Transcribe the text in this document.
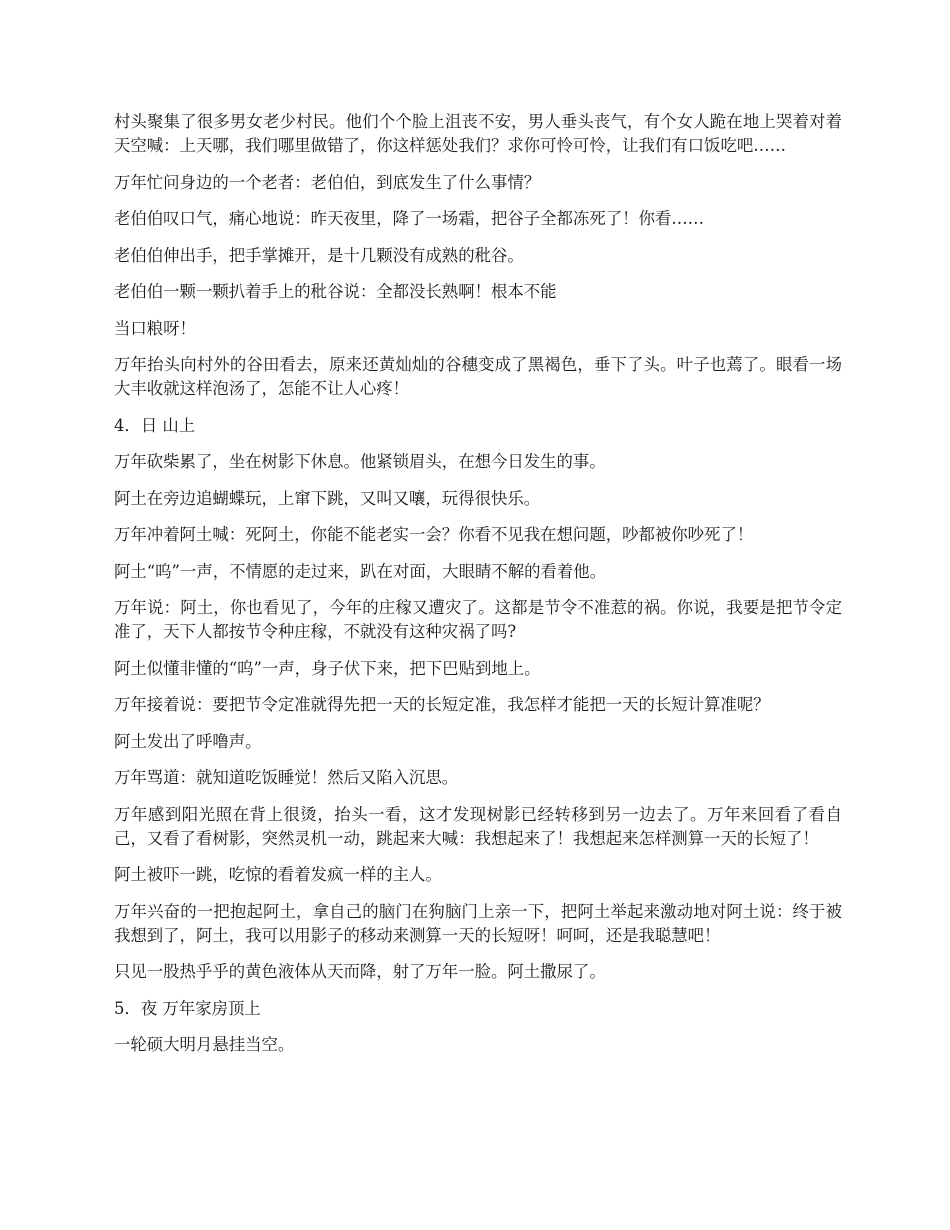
村头聚集了很多男女老少村民。他们个个脸上沮丧不安，男人垂头丧气，有个女人跪在地上哭着对着天空喊：上天哪，我们哪里做错了，你这样惩处我们？求你可怜可怜，让我们有口饭吃吧……

万年忙问身边的一个老者：老伯伯，到底发生了什么事情？

老伯伯叹口气，痛心地说：昨天夜里，降了一场霜，把谷子全都冻死了！你看……

老伯伯伸出手，把手掌摊开，是十几颗没有成熟的秕谷。

老伯伯一颗一颗扒着手上的秕谷说：全都没长熟啊！根本不能

当口粮呀！

万年抬头向村外的谷田看去，原来还黄灿灿的谷穗变成了黑褐色，垂下了头。叶子也蔫了。眼看一场大丰收就这样泡汤了，怎能不让人心疼！

4．日 山上

万年砍柴累了，坐在树影下休息。他紧锁眉头，在想今日发生的事。

阿土在旁边追蝴蝶玩，上窜下跳，又叫又嚷，玩得很快乐。

万年冲着阿土喊：死阿土，你能不能老实一会？你看不见我在想问题，吵都被你吵死了！

阿土“呜”一声，不情愿的走过来，趴在对面，大眼睛不解的看着他。

万年说：阿土，你也看见了，今年的庄稼又遭灾了。这都是节令不准惹的祸。你说，我要是把节令定准了，天下人都按节令种庄稼，不就没有这种灾祸了吗?

阿土似懂非懂的“呜”一声，身子伏下来，把下巴贴到地上。

万年接着说：要把节令定准就得先把一天的长短定准，我怎样才能把一天的长短计算准呢？

阿土发出了呼噜声。

万年骂道：就知道吃饭睡觉！然后又陷入沉思。

万年感到阳光照在背上很烫，抬头一看，这才发现树影已经转移到另一边去了。万年来回看了看自己，又看了看树影，突然灵机一动，跳起来大喊：我想起来了！我想起来怎样测算一天的长短了！

阿土被吓一跳，吃惊的看着发疯一样的主人。

万年兴奋的一把抱起阿土，拿自己的脑门在狗脑门上亲一下，把阿土举起来激动地对阿土说：终于被我想到了，阿土，我可以用影子的移动来测算一天的长短呀！呵呵，还是我聪慧吧！

只见一股热乎乎的黄色液体从天而降，射了万年一脸。阿土撒尿了。

5．夜 万年家房顶上

一轮硕大明月悬挂当空。
